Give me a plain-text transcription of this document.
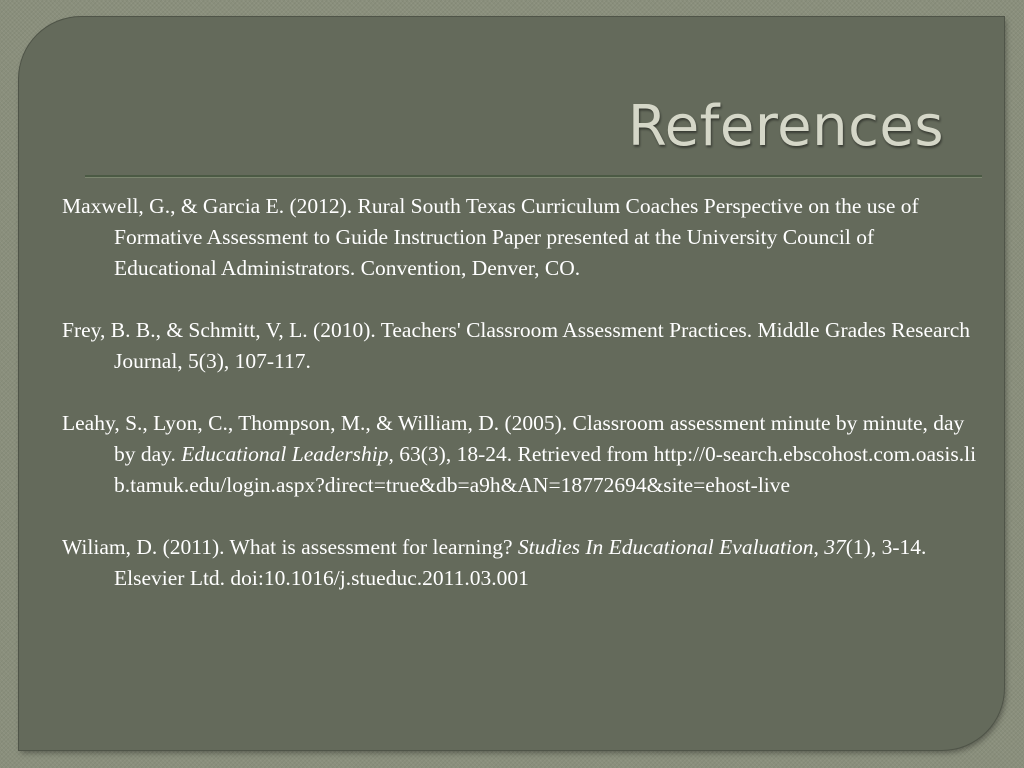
References

Maxwell, G., & Garcia E. (2012). Rural South Texas Curriculum Coaches Perspective on the use of Formative Assessment to Guide Instruction Paper presented at the University Council of Educational Administrators. Convention, Denver, CO.

Frey, B. B., & Schmitt, V, L. (2010). Teachers' Classroom Assessment Practices. Middle Grades Research Journal, 5(3), 107-117.

Leahy, S., Lyon, C., Thompson, M., & William, D. (2005). Classroom assessment minute by minute, day by day. Educational Leadership, 63(3), 18-24. Retrieved from http://0-search.ebscohost.com.oasis.lib.tamuk.edu/login.aspx?direct=true&db=a9h&AN=18772694&site=ehost-live

Wiliam, D. (2011). What is assessment for learning? Studies In Educational Evaluation, 37(1), 3-14. Elsevier Ltd. doi:10.1016/j.stueduc.2011.03.001
